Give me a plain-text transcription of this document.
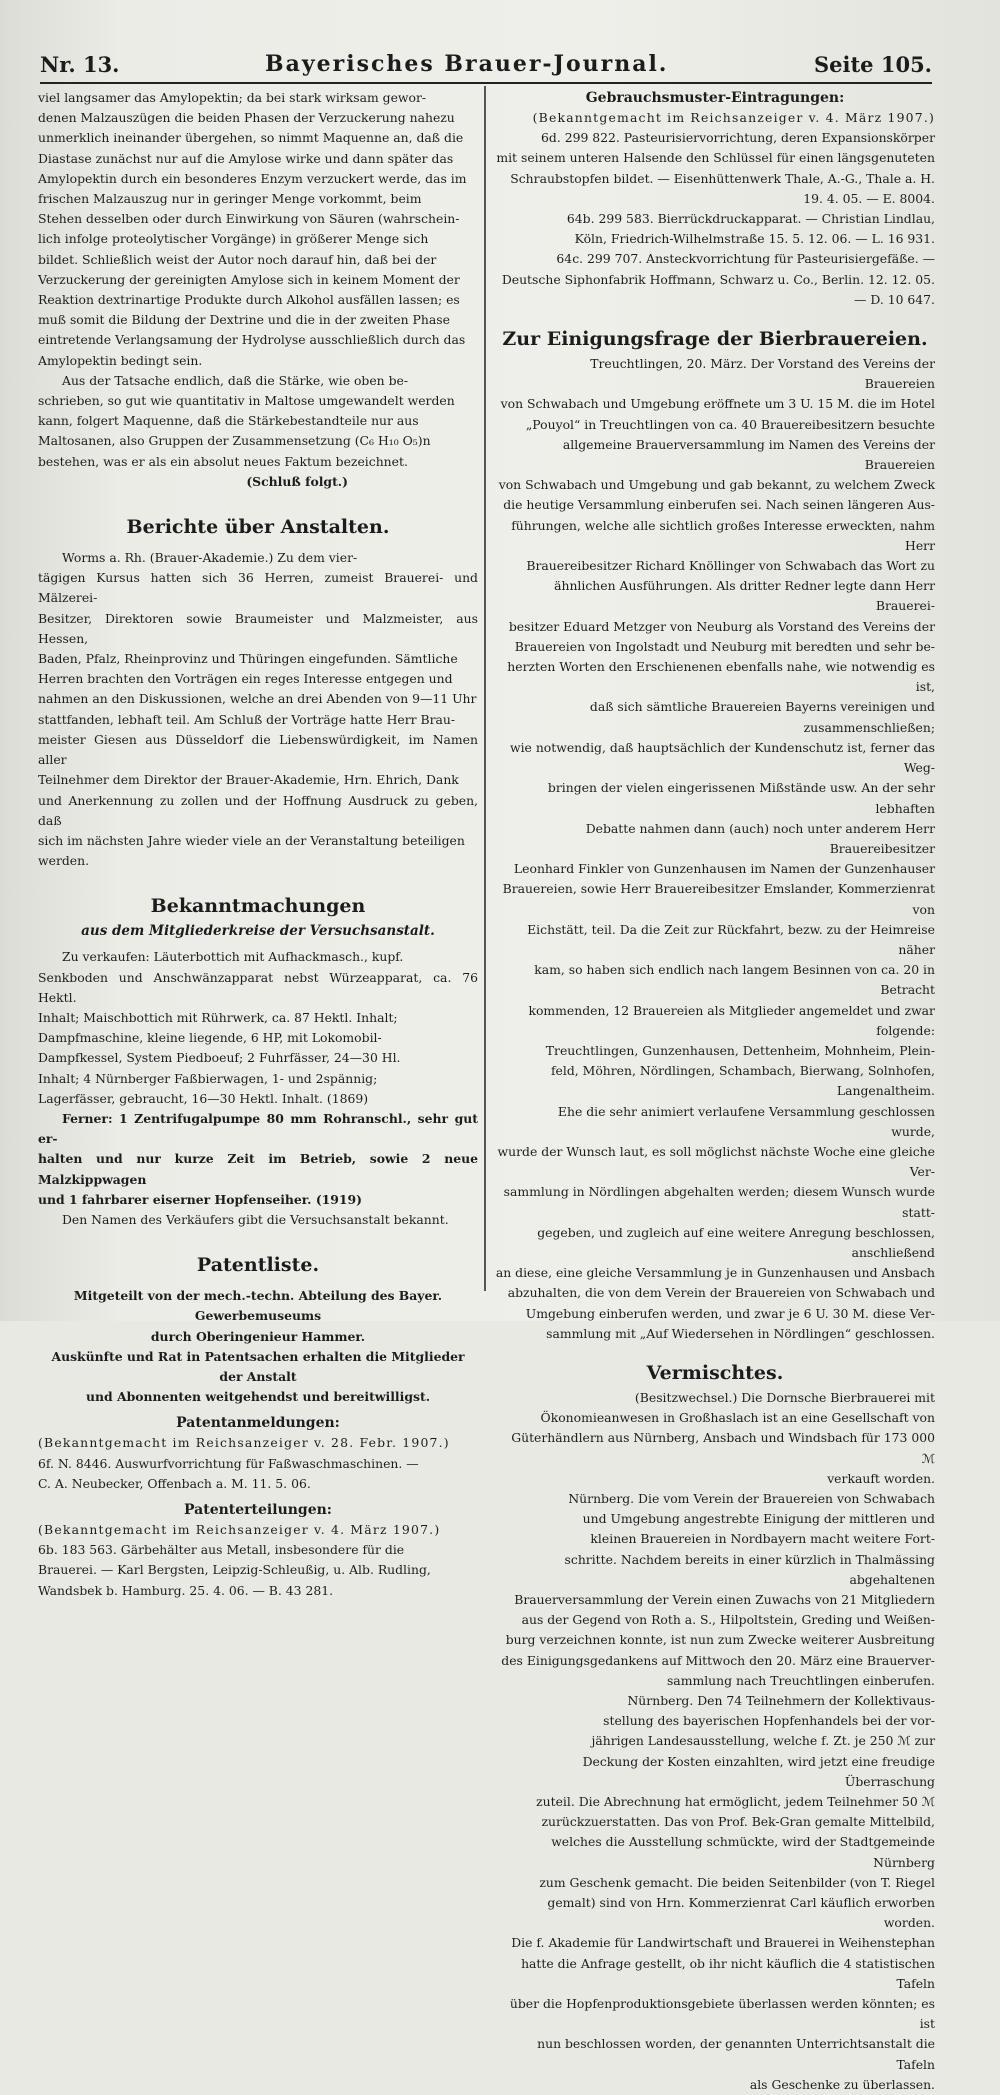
Nr. 13.	Bayerisches Brauer-Journal.	Seite 105.

viel langsamer das Amylopektin; da bei stark wirksam gewor-

denen Malzauszügen die beiden Phasen der Verzuckerung nahezu

unmerklich ineinander übergehen, so nimmt Maquenne an, daß die

Diastase zunächst nur auf die Amylose wirke und dann später das

Amylopektin durch ein besonderes Enzym verzuckert werde, das im

frischen Malzauszug nur in geringer Menge vorkommt, beim

Stehen desselben oder durch Einwirkung von Säuren (wahrschein-

lich infolge proteolytischer Vorgänge) in größerer Menge sich

bildet. Schließlich weist der Autor noch darauf hin, daß bei der

Verzuckerung der gereinigten Amylose sich in keinem Moment der

Reaktion dextrinartige Produkte durch Alkohol ausfällen lassen; es

muß somit die Bildung der Dextrine und die in der zweiten Phase

eintretende Verlangsamung der Hydrolyse ausschließlich durch das

Amylopektin bedingt sein.

Aus der Tatsache endlich, daß die Stärke, wie oben be-

schrieben, so gut wie quantitativ in Maltose umgewandelt werden

kann, folgert Maquenne, daß die Stärkebestandteile nur aus

Maltosanen, also Gruppen der Zusammensetzung (C₆ H₁₀ O₅)n

bestehen, was er als ein absolut neues Faktum bezeichnet.

(Schluß folgt.)

Berichte über Anstalten.

Worms a. Rh. (Brauer-Akademie.) Zu dem vier-

tägigen Kursus hatten sich 36 Herren, zumeist Brauerei- und Mälzerei-

Besitzer, Direktoren sowie Braumeister und Malzmeister, aus Hessen,

Baden, Pfalz, Rheinprovinz und Thüringen eingefunden. Sämtliche

Herren brachten den Vorträgen ein reges Interesse entgegen und

nahmen an den Diskussionen, welche an drei Abenden von 9—11 Uhr

stattfanden, lebhaft teil. Am Schluß der Vorträge hatte Herr Brau-

meister Giesen aus Düsseldorf die Liebenswürdigkeit, im Namen aller

Teilnehmer dem Direktor der Brauer-Akademie, Hrn. Ehrich, Dank

und Anerkennung zu zollen und der Hoffnung Ausdruck zu geben, daß

sich im nächsten Jahre wieder viele an der Veranstaltung beteiligen

werden.

Bekanntmachungen
aus dem Mitgliederkreise der Versuchsanstalt.

Zu verkaufen: Läuterbottich mit Aufhackmasch., kupf.

Senkboden und Anschwänzapparat nebst Würzeapparat, ca. 76 Hektl.

Inhalt; Maischbottich mit Rührwerk, ca. 87 Hektl. Inhalt;

Dampfmaschine, kleine liegende, 6 HP, mit Lokomobil-

Dampfkessel, System Piedboeuf; 2 Fuhrfässer, 24—30 Hl.

Inhalt; 4 Nürnberger Faßbierwagen, 1- und 2spännig;

Lagerfässer, gebraucht, 16—30 Hektl. Inhalt. (1869)

Ferner: 1 Zentrifugalpumpe 80 mm Rohranschl., sehr gut er-

halten und nur kurze Zeit im Betrieb, sowie 2 neue Malzkippwagen

und 1 fahrbarer eiserner Hopfenseiher. (1919)

Den Namen des Verkäufers gibt die Versuchsanstalt bekannt.

Patentliste.

Mitgeteilt von der mech.-techn. Abteilung des Bayer. Gewerbemuseums

durch Oberingenieur Hammer.

Auskünfte und Rat in Patentsachen erhalten die Mitglieder der Anstalt

und Abonnenten weitgehendst und bereitwilligst.

Patentanmeldungen:

(Bekanntgemacht im Reichsanzeiger v. 28. Febr. 1907.)

6f. N. 8446. Auswurfvorrichtung für Faßwaschmaschinen. —

C. A. Neubecker, Offenbach a. M. 11. 5. 06.

Patenterteilungen:

(Bekanntgemacht im Reichsanzeiger v. 4. März 1907.)

6b. 183 563. Gärbehälter aus Metall, insbesondere für die

Brauerei. — Karl Bergsten, Leipzig-Schleußig, u. Alb. Rudling,

Wandsbek b. Hamburg. 25. 4. 06. — B. 43 281.

Gebrauchsmuster-Eintragungen:

(Bekanntgemacht im Reichsanzeiger v. 4. März 1907.)

6d. 299 822. Pasteurisiervorrichtung, deren Expansionskörper

mit seinem unteren Halsende den Schlüssel für einen längsgenuteten

Schraubstopfen bildet. — Eisenhüttenwerk Thale, A.-G., Thale a. H.

19. 4. 05. — E. 8004.

64b. 299 583. Bierrückdruckapparat. — Christian Lindlau,

Köln, Friedrich-Wilhelmstraße 15. 5. 12. 06. — L. 16 931.

64c. 299 707. Ansteckvorrichtung für Pasteurisiergefäße. —

Deutsche Siphonfabrik Hoffmann, Schwarz u. Co., Berlin. 12. 12. 05.

— D. 10 647.

Zur Einigungsfrage der Bierbrauereien.

Treuchtlingen, 20. März. Der Vorstand des Vereins der Brauereien

von Schwabach und Umgebung eröffnete um 3 U. 15 M. die im Hotel

„Pouyol“ in Treuchtlingen von ca. 40 Brauereibesitzern besuchte

allgemeine Brauerversammlung im Namen des Vereins der Brauereien

von Schwabach und Umgebung und gab bekannt, zu welchem Zweck

die heutige Versammlung einberufen sei. Nach seinen längeren Aus-

führungen, welche alle sichtlich großes Interesse erweckten, nahm Herr

Brauereibesitzer Richard Knöllinger von Schwabach das Wort zu

ähnlichen Ausführungen. Als dritter Redner legte dann Herr Brauerei-

besitzer Eduard Metzger von Neuburg als Vorstand des Vereins der

Brauereien von Ingolstadt und Neuburg mit beredten und sehr be-

herzten Worten den Erschienenen ebenfalls nahe, wie notwendig es ist,

daß sich sämtliche Brauereien Bayerns vereinigen und zusammenschließen;

wie notwendig, daß hauptsächlich der Kundenschutz ist, ferner das Weg-

bringen der vielen eingerissenen Mißstände usw. An der sehr lebhaften

Debatte nahmen dann (auch) noch unter anderem Herr Brauereibesitzer

Leonhard Finkler von Gunzenhausen im Namen der Gunzenhauser

Brauereien, sowie Herr Brauereibesitzer Emslander, Kommerzienrat von

Eichstätt, teil. Da die Zeit zur Rückfahrt, bezw. zu der Heimreise näher

kam, so haben sich endlich nach langem Besinnen von ca. 20 in Betracht

kommenden, 12 Brauereien als Mitglieder angemeldet und zwar folgende:

Treuchtlingen, Gunzenhausen, Dettenheim, Mohnheim, Plein-

feld, Möhren, Nördlingen, Schambach, Bierwang, Solnhofen,

Langenaltheim.

Ehe die sehr animiert verlaufene Versammlung geschlossen wurde,

wurde der Wunsch laut, es soll möglichst nächste Woche eine gleiche Ver-

sammlung in Nördlingen abgehalten werden; diesem Wunsch wurde statt-

gegeben, und zugleich auf eine weitere Anregung beschlossen, anschließend

an diese, eine gleiche Versammlung je in Gunzenhausen und Ansbach

abzuhalten, die von dem Verein der Brauereien von Schwabach und

Umgebung einberufen werden, und zwar je 6 U. 30 M. diese Ver-

sammlung mit „Auf Wiedersehen in Nördlingen“ geschlossen.

Vermischtes.

(Besitzwechsel.) Die Dornsche Bierbrauerei mit

Ökonomieanwesen in Großhaslach ist an eine Gesellschaft von

Güterhändlern aus Nürnberg, Ansbach und Windsbach für 173 000 ℳ

verkauft worden.

Nürnberg. Die vom Verein der Brauereien von Schwabach

und Umgebung angestrebte Einigung der mittleren und

kleinen Brauereien in Nordbayern macht weitere Fort-

schritte. Nachdem bereits in einer kürzlich in Thalmässing abgehaltenen

Brauerversammlung der Verein einen Zuwachs von 21 Mitgliedern

aus der Gegend von Roth a. S., Hilpoltstein, Greding und Weißen-

burg verzeichnen konnte, ist nun zum Zwecke weiterer Ausbreitung

des Einigungsgedankens auf Mittwoch den 20. März eine Brauerver-

sammlung nach Treuchtlingen einberufen.

Nürnberg. Den 74 Teilnehmern der Kollektivaus-

stellung des bayerischen Hopfenhandels bei der vor-

jährigen Landesausstellung, welche f. Zt. je 250 ℳ zur

Deckung der Kosten einzahlten, wird jetzt eine freudige Überraschung

zuteil. Die Abrechnung hat ermöglicht, jedem Teilnehmer 50 ℳ

zurückzuerstatten. Das von Prof. Bek-Gran gemalte Mittelbild,

welches die Ausstellung schmückte, wird der Stadtgemeinde Nürnberg

zum Geschenk gemacht. Die beiden Seitenbilder (von T. Riegel

gemalt) sind von Hrn. Kommerzienrat Carl käuflich erworben worden.

Die f. Akademie für Landwirtschaft und Brauerei in Weihenstephan

hatte die Anfrage gestellt, ob ihr nicht käuflich die 4 statistischen Tafeln

über die Hopfenproduktionsgebiete überlassen werden könnten; es ist

nun beschlossen worden, der genannten Unterrichtsanstalt die Tafeln

als Geschenke zu überlassen.
